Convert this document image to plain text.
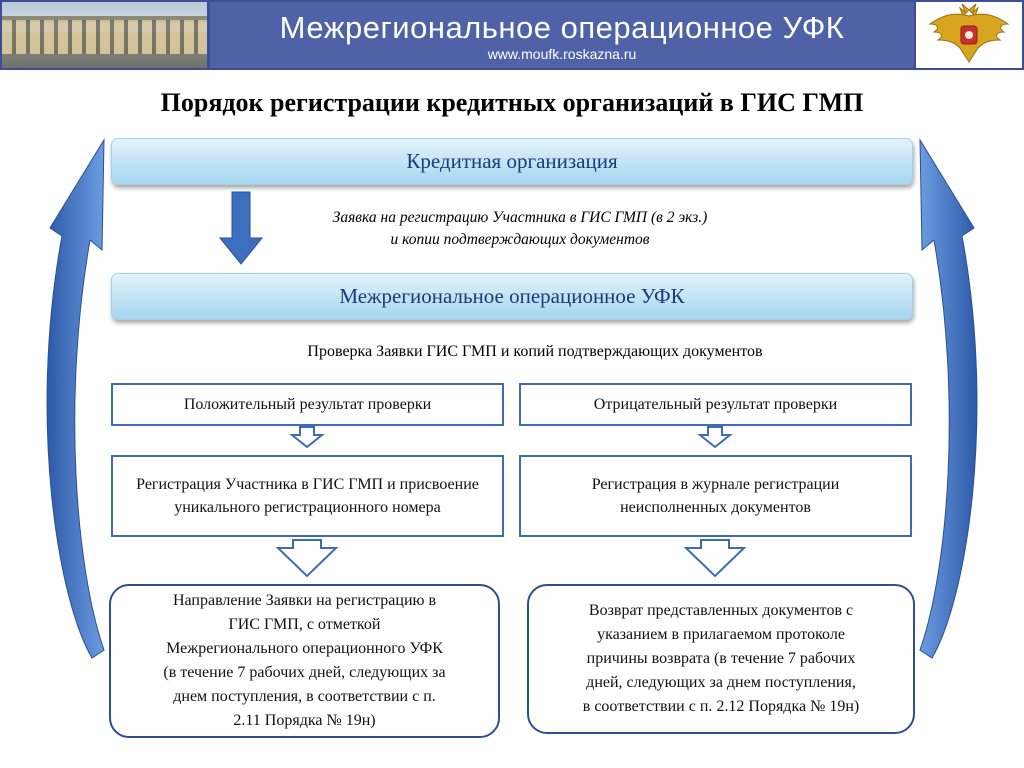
Межрегиональное операционное УФК
www.moufk.roskazna.ru
Порядок регистрации кредитных организаций в ГИС ГМП
Кредитная организация
Заявка на регистрацию Участника в ГИС ГМП (в 2 экз.)
и копии подтверждающих документов
Межрегиональное операционное УФК
Проверка Заявки ГИС ГМП и копий подтверждающих документов
Положительный результат проверки	Отрицательный результат проверки
Регистрация Участника в ГИС ГМП и присвоение уникального регистрационного номера
Регистрация в журнале регистрации
неисполненных документов
Направление Заявки на регистрацию в
ГИС ГМП, с отметкой
Межрегионального операционного УФК
(в течение 7 рабочих дней, следующих за
днем поступления, в соответствии с п.
2.11 Порядка № 19н)
Возврат представленных документов с
указанием в прилагаемом протоколе
причины возврата (в течение 7 рабочих
дней, следующих за днем поступления,
в соответствии с п. 2.12 Порядка № 19н)
